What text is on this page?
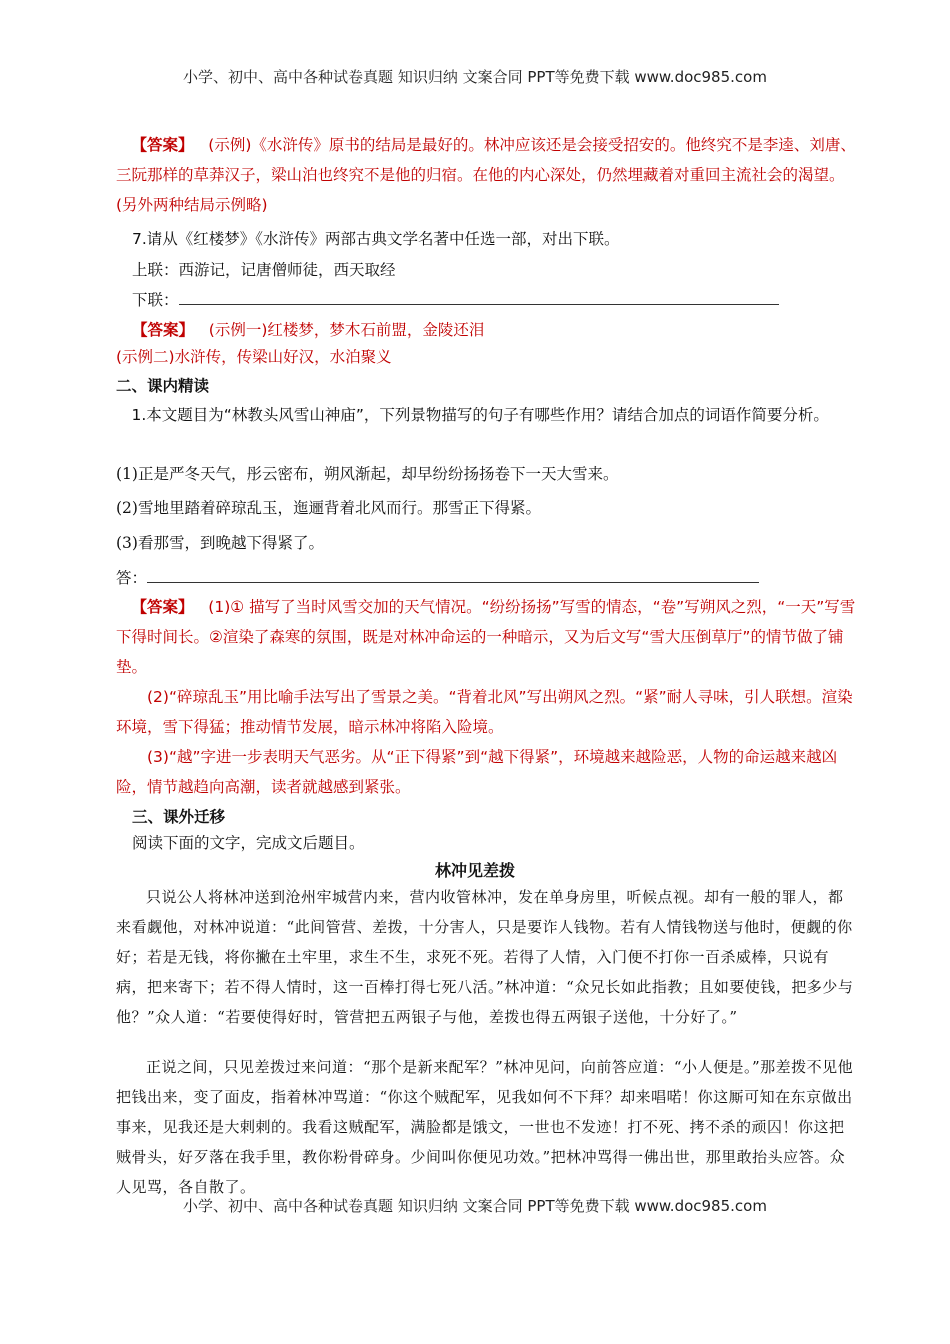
小学、初中、高中各种试卷真题 知识归纳 文案合同 PPT等免费下载 www.doc985.com
【答案】 (示例)《水浒传》原书的结局是最好的。林冲应该还是会接受招安的。他终究不是李逵、刘唐、三阮那样的草莽汉子，梁山泊也终究不是他的归宿。在他的内心深处，仍然埋藏着对重回主流社会的渴望。(另外两种结局示例略)
7.请从《红楼梦》《水浒传》两部古典文学名著中任选一部，对出下联。
上联：西游记，记唐僧师徒，西天取经
下联：
【答案】 (示例一)红楼梦，梦木石前盟，金陵还泪
(示例二)水浒传，传梁山好汉，水泊聚义
二、课内精读
1.本文题目为“林教头风雪山神庙”，下列景物描写的句子有哪些作用？请结合加点的词语作简要分析。
(1)正是严冬天气，彤云密布，朔风渐起，却早纷纷扬扬卷下一天大雪来。
(2)雪地里踏着碎琼乱玉，迤逦背着北风而行。那雪正下得紧。
(3)看那雪，到晚越下得紧了。
答：
【答案】 (1)① 描写了当时风雪交加的天气情况。“纷纷扬扬”写雪的情态，“卷”写朔风之烈，“一天”写雪下得时间长。②渲染了森寒的氛围，既是对林冲命运的一种暗示，又为后文写“雪大压倒草厅”的情节做了铺垫。
(2)“碎琼乱玉”用比喻手法写出了雪景之美。“背着北风”写出朔风之烈。“紧”耐人寻味，引人联想。渲染环境，雪下得猛；推动情节发展，暗示林冲将陷入险境。
(3)“越”字进一步表明天气恶劣。从“正下得紧”到“越下得紧”，环境越来越险恶，人物的命运越来越凶险，情节越趋向高潮，读者就越感到紧张。
三、课外迁移
阅读下面的文字，完成文后题目。
林冲见差拨
只说公人将林冲送到沧州牢城营内来，营内收管林冲，发在单身房里，听候点视。却有一般的罪人，都来看觑他，对林冲说道：“此间管营、差拨，十分害人，只是要诈人钱物。若有人情钱物送与他时，便觑的你好；若是无钱，将你撇在土牢里，求生不生，求死不死。若得了人情，入门便不打你一百杀威棒，只说有病，把来寄下；若不得人情时，这一百棒打得七死八活。”林冲道：“众兄长如此指教；且如要使钱，把多少与他？”众人道：“若要使得好时，管营把五两银子与他，差拨也得五两银子送他，十分好了。”
正说之间，只见差拨过来问道：“那个是新来配军？”林冲见问，向前答应道：“小人便是。”那差拨不见他把钱出来，变了面皮，指着林冲骂道：“你这个贼配军，见我如何不下拜？却来唱喏！你这厮可知在东京做出事来，见我还是大剌剌的。我看这贼配军，满脸都是饿文，一世也不发迹！打不死、拷不杀的顽囚！你这把贼骨头，好歹落在我手里，教你粉骨碎身。少间叫你便见功效。”把林冲骂得一佛出世，那里敢抬头应答。众人见骂，各自散了。
小学、初中、高中各种试卷真题 知识归纳 文案合同 PPT等免费下载 www.doc985.com
